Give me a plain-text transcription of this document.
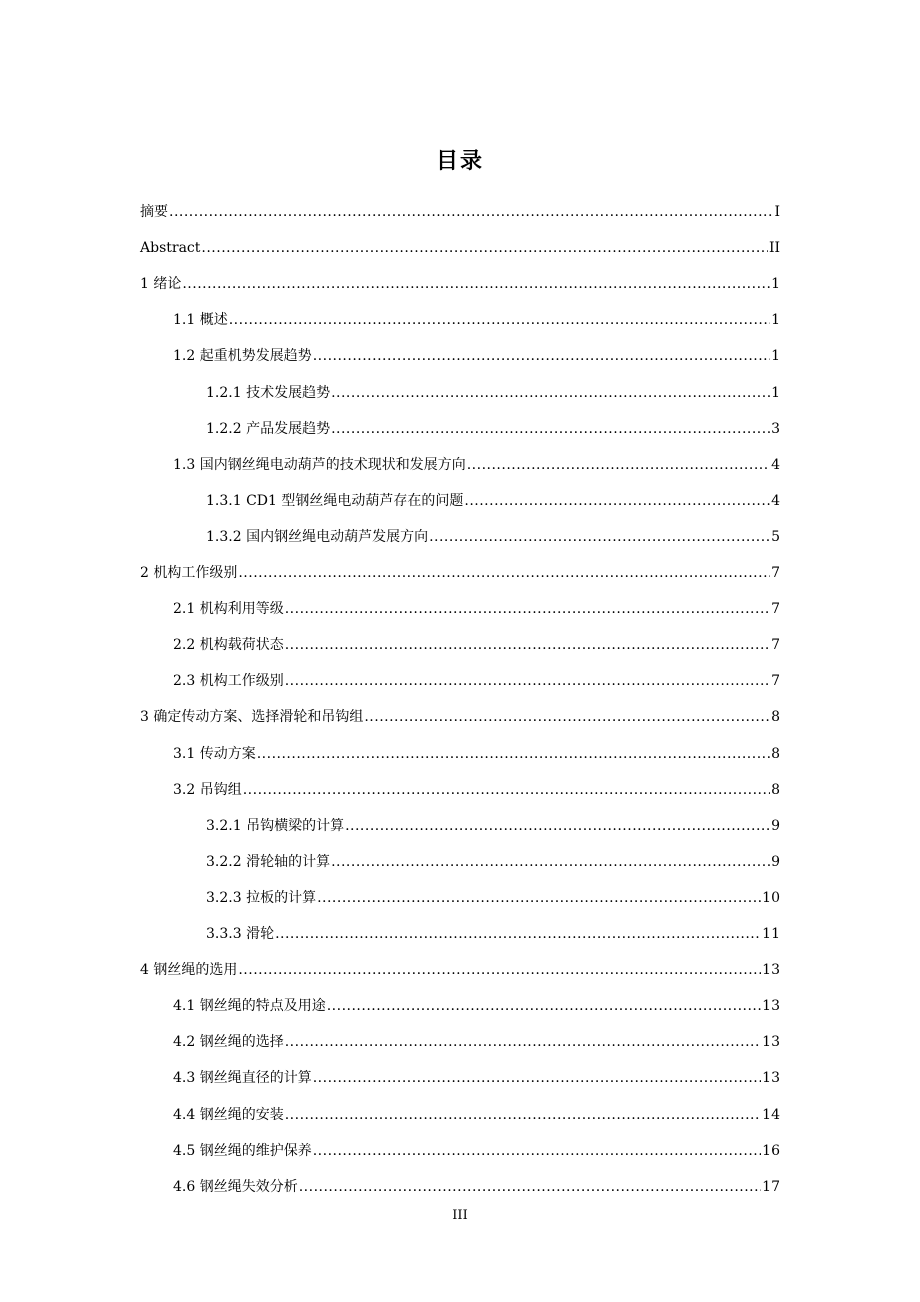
目录
摘要 .....	I
Abstract .....	II
1 绪论 .....	1
1.1 概述 .....	1
1.2 起重机势发展趋势 .....	1
1.2.1 技术发展趋势 .....	1
1.2.2 产品发展趋势 .....	3
1.3 国内钢丝绳电动葫芦的技术现状和发展方向 .....	4
1.3.1 CD1 型钢丝绳电动葫芦存在的问题 .....	4
1.3.2 国内钢丝绳电动葫芦发展方向 .....	5
2 机构工作级别 .....	7
2.1 机构利用等级 .....	7
2.2 机构载荷状态 .....	7
2.3 机构工作级别 .....	7
3 确定传动方案、选择滑轮和吊钩组 .....	8
3.1 传动方案 .....	8
3.2 吊钩组 .....	8
3.2.1 吊钩横梁的计算 .....	9
3.2.2 滑轮轴的计算 .....	9
3.2.3 拉板的计算 .....	10
3.3.3 滑轮 .....	11
4 钢丝绳的选用 .....	13
4.1 钢丝绳的特点及用途 .....	13
4.2 钢丝绳的选择 .....	13
4.3 钢丝绳直径的计算 .....	13
4.4 钢丝绳的安装 .....	14
4.5 钢丝绳的维护保养 .....	16
4.6 钢丝绳失效分析 .....	17
III
